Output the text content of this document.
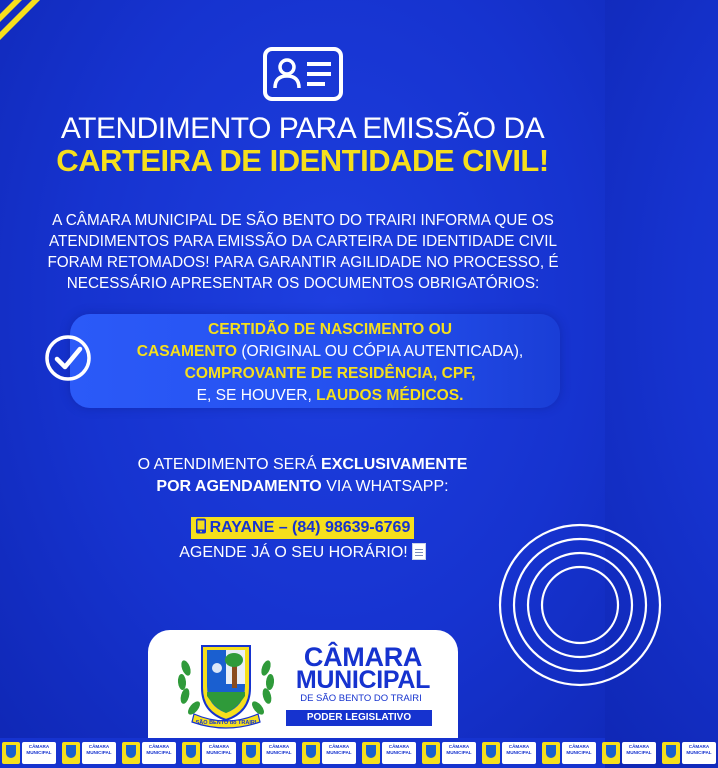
ATENDIMENTO PARA EMISSÃO DA
CARTEIRA DE IDENTIDADE CIVIL!
A CÂMARA MUNICIPAL DE SÃO BENTO DO TRAIRI INFORMA QUE OS
ATENDIMENTOS PARA EMISSÃO DA CARTEIRA DE IDENTIDADE CIVIL
FORAM RETOMADOS! PARA GARANTIR AGILIDADE NO PROCESSO, É
NECESSÁRIO APRESENTAR OS DOCUMENTOS OBRIGATÓRIOS:
CERTIDÃO DE NASCIMENTO OU
CASAMENTO (ORIGINAL OU CÓPIA AUTENTICADA),
COMPROVANTE DE RESIDÊNCIA, CPF,
E, SE HOUVER, LAUDOS MÉDICOS.
O ATENDIMENTO SERÁ EXCLUSIVAMENTE
POR AGENDAMENTO VIA WHATSAPP:
RAYANE – (84) 98639-6769
AGENDE JÁ O SEU HORÁRIO!
SÃO BENTO do TRAIRI
CÂMARA
MUNICIPAL
DE SÃO BENTO DO TRAIRI
PODER LEGISLATIVO
CÂMARA
MUNICIPAL
CÂMARA
MUNICIPAL
CÂMARA
MUNICIPAL
CÂMARA
MUNICIPAL
CÂMARA
MUNICIPAL
CÂMARA
MUNICIPAL
CÂMARA
MUNICIPAL
CÂMARA
MUNICIPAL
CÂMARA
MUNICIPAL
CÂMARA
MUNICIPAL
CÂMARA
MUNICIPAL
CÂMARA
MUNICIPAL
